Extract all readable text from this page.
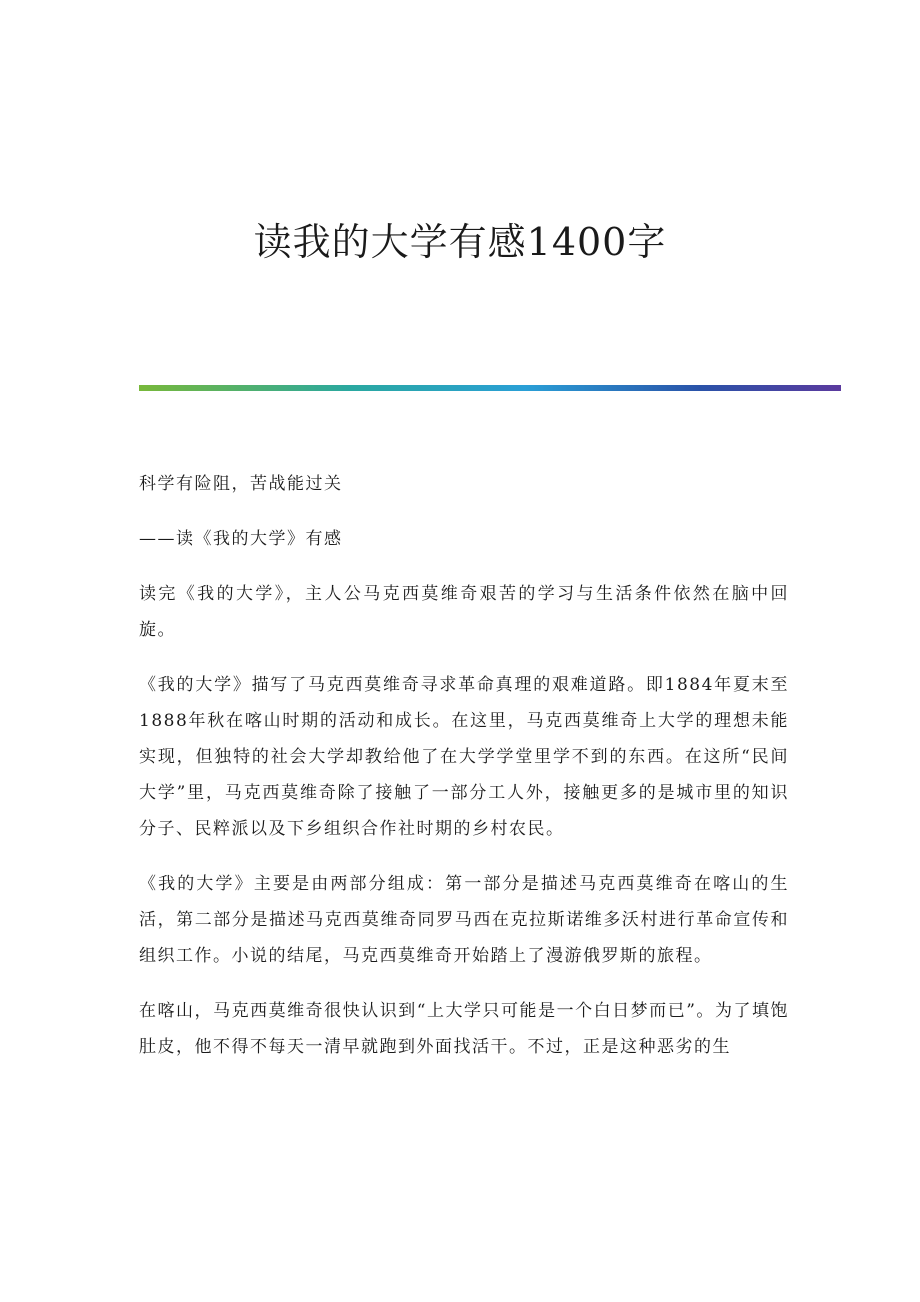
读我的大学有感1400字

科学有险阻，苦战能过关

——读《我的大学》有感

读完《我的大学》，主人公马克西莫维奇艰苦的学习与生活条件依然在脑中回旋。

《我的大学》描写了马克西莫维奇寻求革命真理的艰难道路。即1884年夏末至1888年秋在喀山时期的活动和成长。在这里，马克西莫维奇上大学的理想未能实现，但独特的社会大学却教给他了在大学学堂里学不到的东西。在这所“民间大学”里，马克西莫维奇除了接触了一部分工人外，接触更多的是城市里的知识分子、民粹派以及下乡组织合作社时期的乡村农民。

《我的大学》主要是由两部分组成：第一部分是描述马克西莫维奇在喀山的生活，第二部分是描述马克西莫维奇同罗马西在克拉斯诺维多沃村进行革命宣传和组织工作。小说的结尾，马克西莫维奇开始踏上了漫游俄罗斯的旅程。

在喀山，马克西莫维奇很快认识到“上大学只可能是一个白日梦而已”。为了填饱肚皮，他不得不每天一清早就跑到外面找活干。不过，正是这种恶劣的生
